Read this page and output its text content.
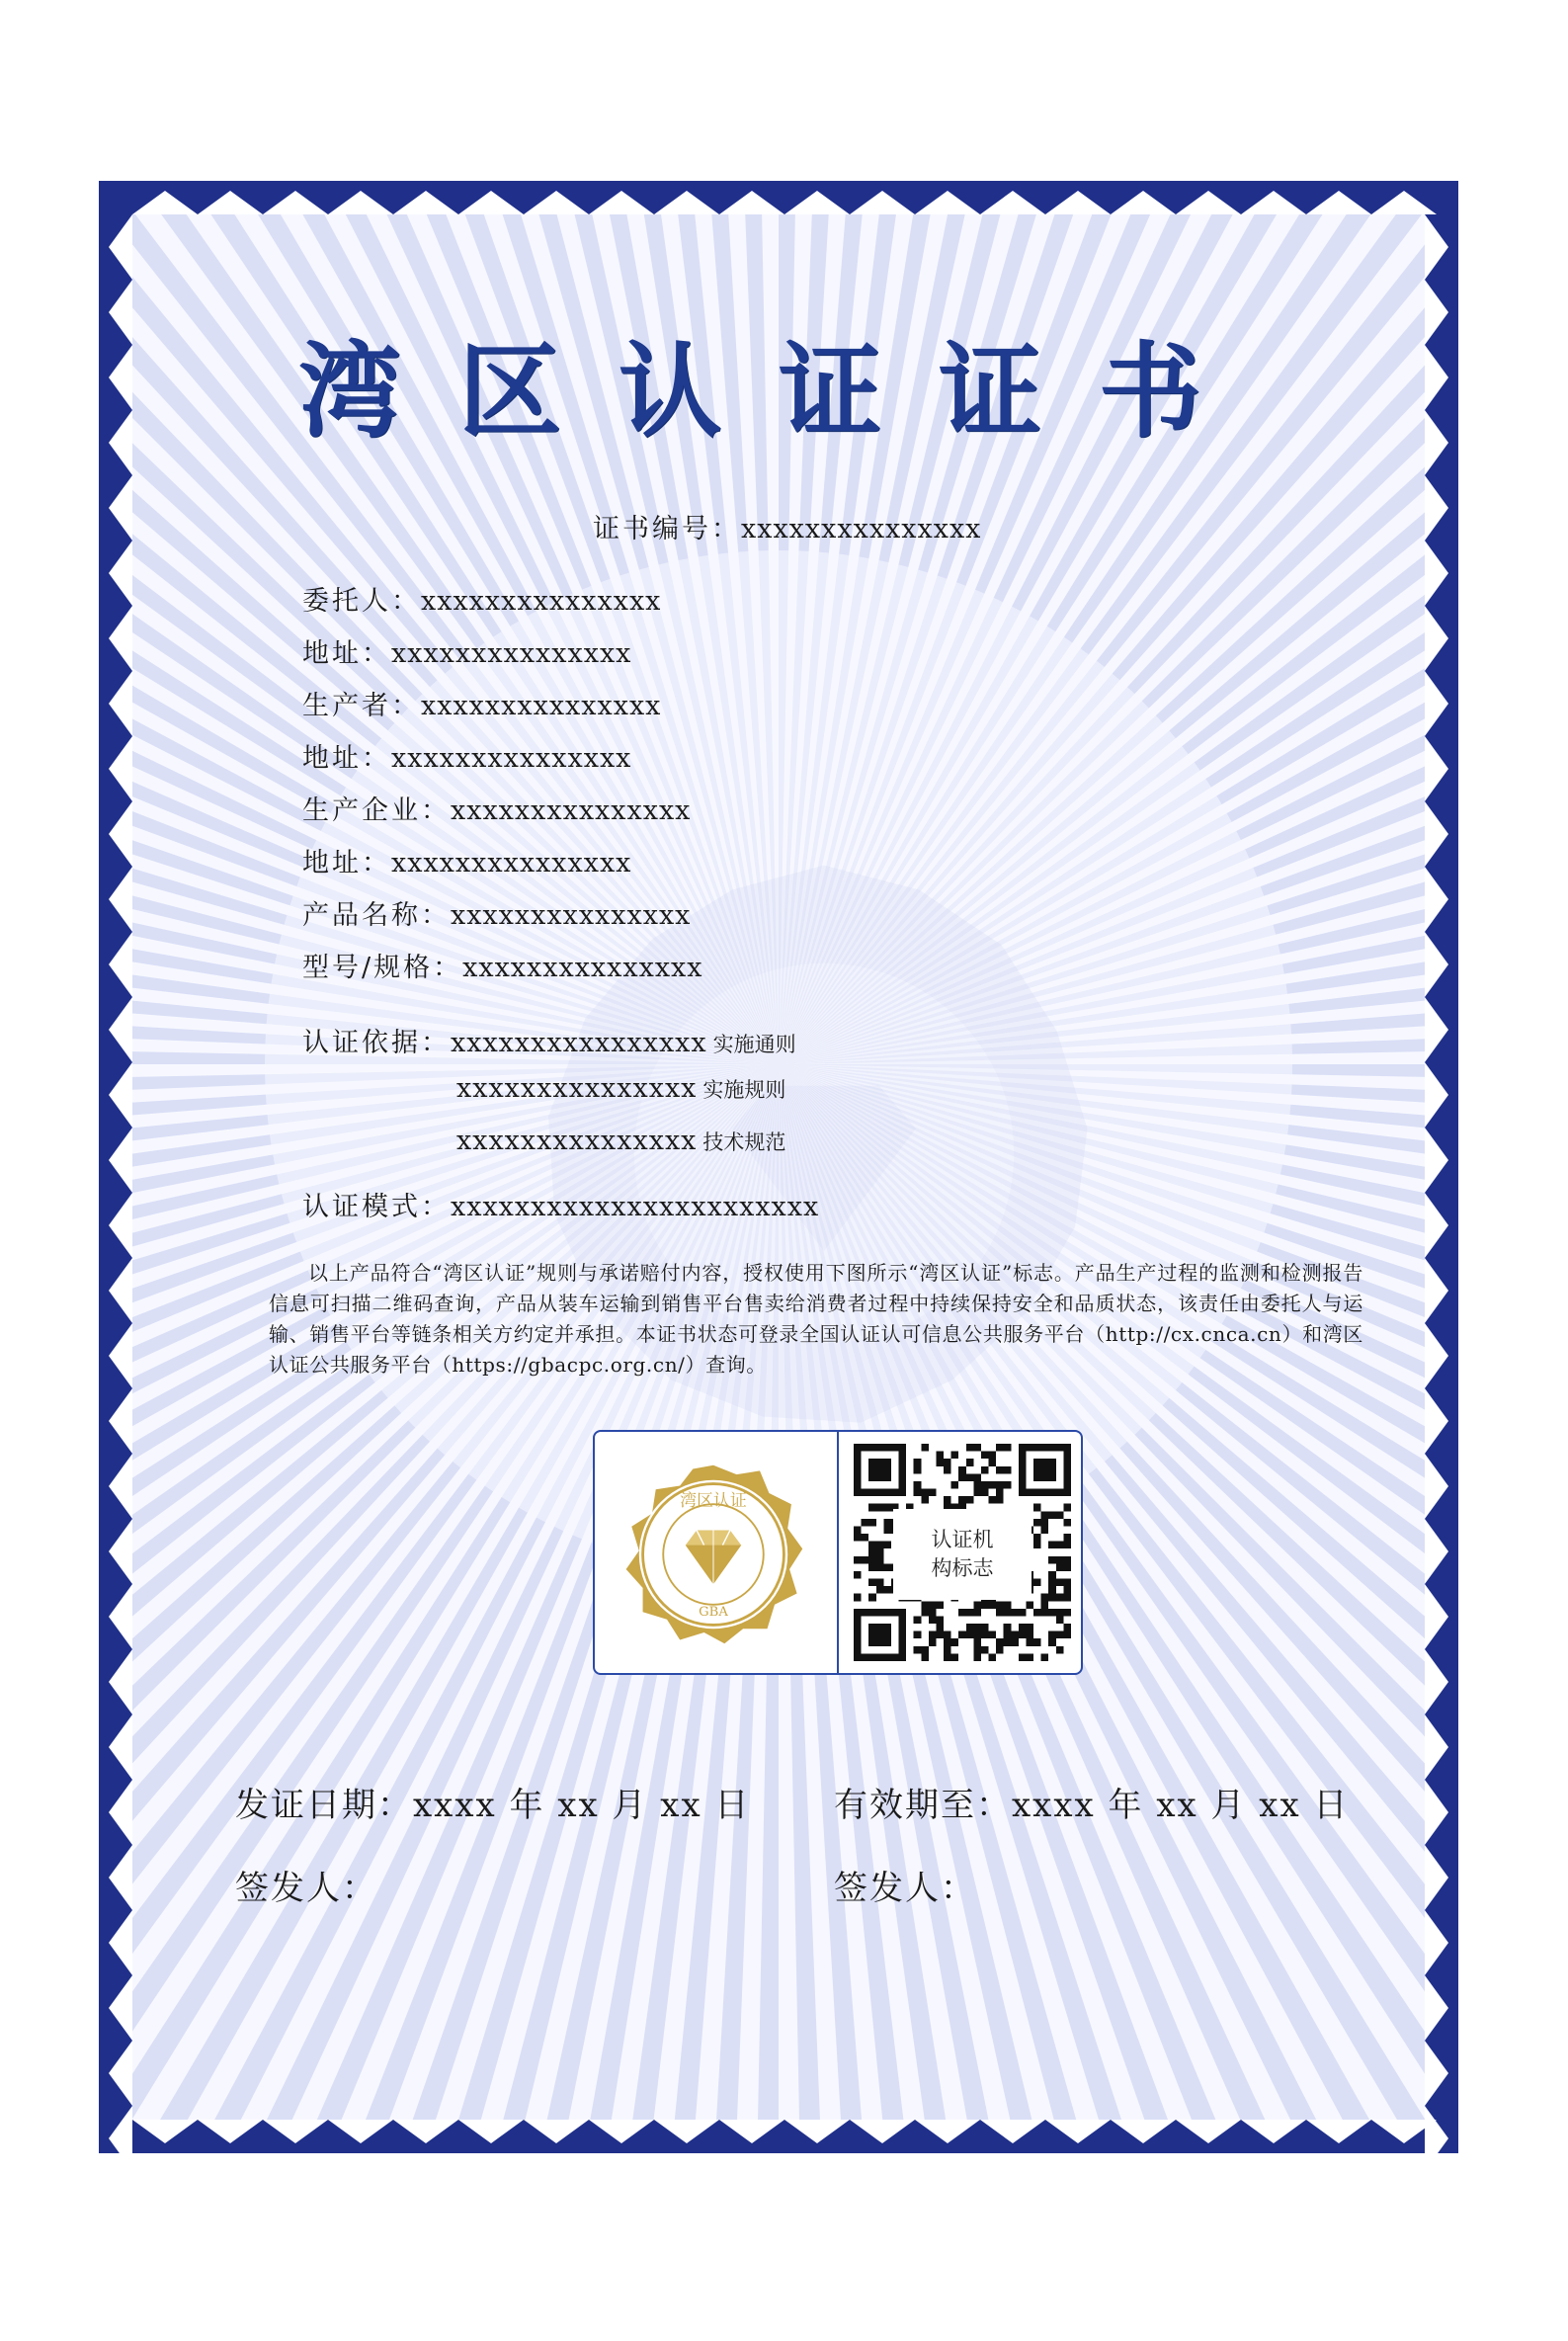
湾区认证证书
证书编号：xxxxxxxxxxxxxxx
委托人：xxxxxxxxxxxxxxx
地址：xxxxxxxxxxxxxxx
生产者：xxxxxxxxxxxxxxx
地址：xxxxxxxxxxxxxxx
生产企业：xxxxxxxxxxxxxxx
地址：xxxxxxxxxxxxxxx
产品名称：xxxxxxxxxxxxxxx
型号/规格：xxxxxxxxxxxxxxx
认证依据：xxxxxxxxxxxxxxxx 实施通则
xxxxxxxxxxxxxxx 实施规则
xxxxxxxxxxxxxxx 技术规范
认证模式：xxxxxxxxxxxxxxxxxxxxxxx
以上产品符合“湾区认证”规则与承诺赔付内容，授权使用下图所示“湾区认证”标志。产品生产过程的监测和检测报告信息可扫描二维码查询，产品从装车运输到销售平台售卖给消费者过程中持续保持安全和品质状态，该责任由委托人与运输、销售平台等链条相关方约定并承担。本证书状态可登录全国认证认可信息公共服务平台（http://cx.cnca.cn）和湾区认证公共服务平台（https://gbacpc.org.cn/）查询。
湾区认证
GBA
认证机
构标志
发证日期：xxxx 年 xx 月 xx 日 有效期至：xxxx 年 xx 月 xx 日
签发人：	签发人：
